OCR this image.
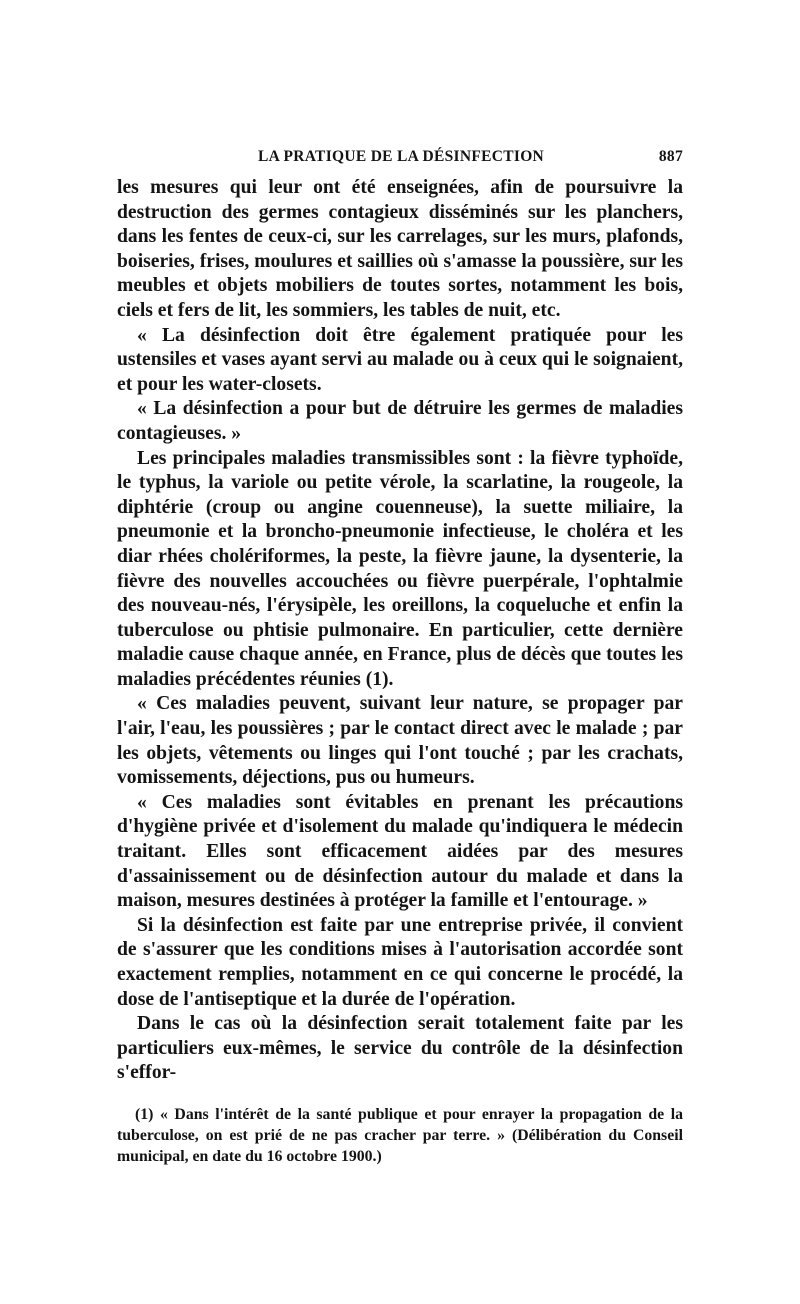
LA PRATIQUE DE LA DÉSINFECTION	887

les mesures qui leur ont été enseignées, afin de poursuivre la destruction des germes contagieux disséminés sur les planchers, dans les fentes de ceux-ci, sur les carrelages, sur les murs, plafonds, boiseries, frises, moulures et saillies où s'amasse la poussière, sur les meubles et objets mobiliers de toutes sortes, notamment les bois, ciels et fers de lit, les sommiers, les tables de nuit, etc.

« La désinfection doit être également pratiquée pour les ustensiles et vases ayant servi au malade ou à ceux qui le soignaient, et pour les water-closets.

« La désinfection a pour but de détruire les germes de maladies contagieuses. »

Les principales maladies transmissibles sont : la fièvre typhoïde, le typhus, la variole ou petite vérole, la scarlatine, la rougeole, la diphtérie (croup ou angine couenneuse), la suette miliaire, la pneumonie et la broncho-pneumonie infectieuse, le choléra et les diar rhées cholériformes, la peste, la fièvre jaune, la dysenterie, la fièvre des nouvelles accouchées ou fièvre puerpérale, l'ophtalmie des nouveau-nés, l'érysipèle, les oreillons, la coqueluche et enfin la tuberculose ou phtisie pulmonaire. En particulier, cette dernière maladie cause chaque année, en France, plus de décès que toutes les maladies précédentes réunies (1).

« Ces maladies peuvent, suivant leur nature, se propager par l'air, l'eau, les poussières ; par le contact direct avec le malade ; par les objets, vêtements ou linges qui l'ont touché ; par les crachats, vomissements, déjections, pus ou humeurs.

« Ces maladies sont évitables en prenant les précautions d'hygiène privée et d'isolement du malade qu'indiquera le médecin traitant. Elles sont efficacement aidées par des mesures d'assainissement ou de désinfection autour du malade et dans la maison, mesures destinées à protéger la famille et l'entourage. »

Si la désinfection est faite par une entreprise privée, il convient de s'assurer que les conditions mises à l'autorisation accordée sont exactement remplies, notamment en ce qui concerne le procédé, la dose de l'antiseptique et la durée de l'opération.

Dans le cas où la désinfection serait totalement faite par les particuliers eux-mêmes, le service du contrôle de la désinfection s'effor-

(1) « Dans l'intérêt de la santé publique et pour enrayer la propagation de la tuberculose, on est prié de ne pas cracher par terre. » (Délibération du Conseil municipal, en date du 16 octobre 1900.)
